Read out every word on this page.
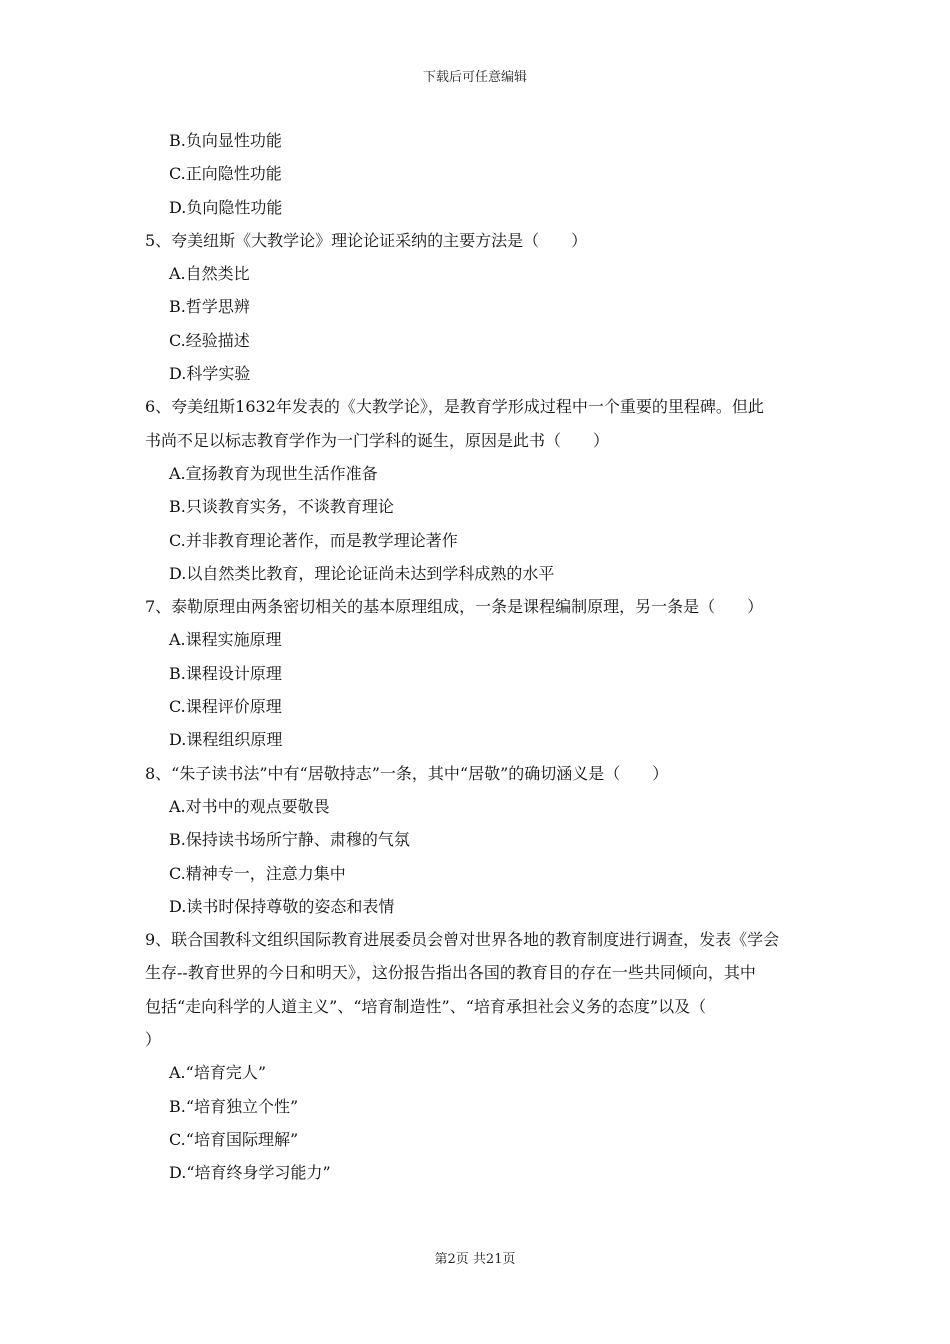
下载后可任意编辑
B.负向显性功能
C.正向隐性功能
D.负向隐性功能
5、夸美纽斯《大教学论》理论论证采纳的主要方法是（　　）
A.自然类比
B.哲学思辨
C.经验描述
D.科学实验
6、夸美纽斯1632年发表的《大教学论》，是教育学形成过程中一个重要的里程碑。但此
书尚不足以标志教育学作为一门学科的诞生，原因是此书（　　）
A.宣扬教育为现世生活作准备
B.只谈教育实务，不谈教育理论
C.并非教育理论著作，而是教学理论著作
D.以自然类比教育，理论论证尚未达到学科成熟的水平
7、泰勒原理由两条密切相关的基本原理组成，一条是课程编制原理，另一条是（　　）
A.课程实施原理
B.课程设计原理
C.课程评价原理
D.课程组织原理
8、“朱子读书法”中有“居敬持志”一条，其中“居敬”的确切涵义是（　　）
A.对书中的观点要敬畏
B.保持读书场所宁静、肃穆的气氛
C.精神专一，注意力集中
D.读书时保持尊敬的姿态和表情
9、联合国教科文组织国际教育进展委员会曾对世界各地的教育制度进行调查，发表《学会
生存--教育世界的今日和明天》，这份报告指出各国的教育目的存在一些共同倾向，其中
包括“走向科学的人道主义”、“培育制造性”、“培育承担社会义务的态度”以及（
）
A.“培育完人”
B.“培育独立个性”
C.“培育国际理解”
D.“培育终身学习能力”
第2页 共21页
